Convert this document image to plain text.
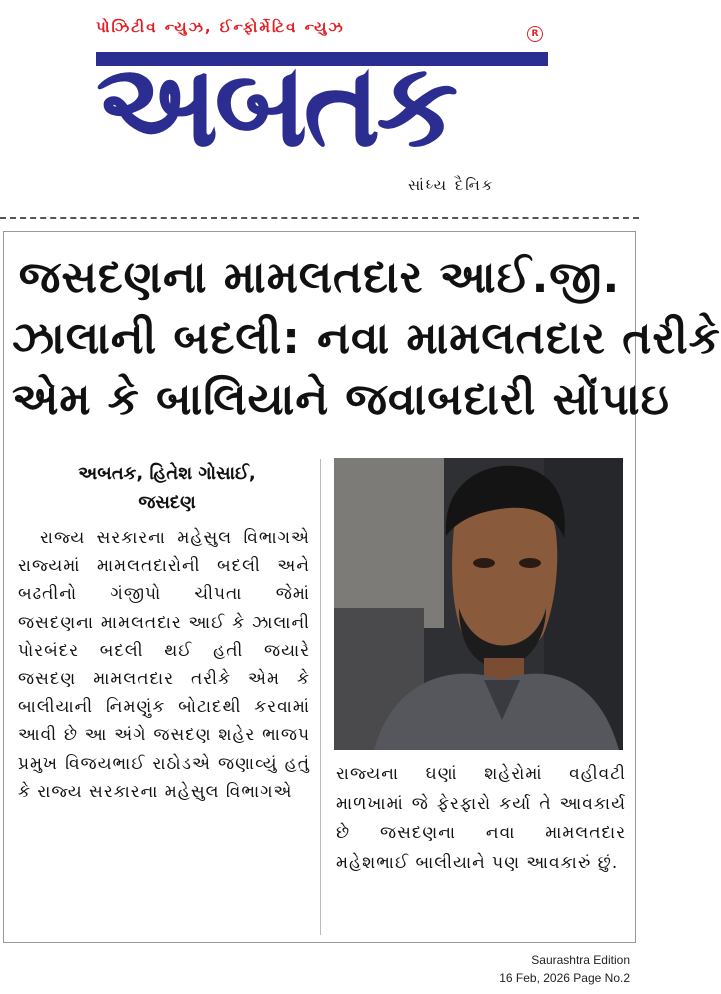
પોઝિટીવ ન્યુઝ, ઈન્ફોર્મેટિવ ન્યુઝ	R
અબતક
સાંધ્ય દૈનિક
જસદણના મામલતદાર આઈ.જી.
ઝાલાની બદલી: નવા મામલતદાર તરીકે
એમ કે બાલિયાને જવાબદારી સોંપાઇ
અબતક, હિતેશ ગોસાઈ,
જસદણ

રાજ્ય સરકારના મહેસુલ વિભાગએ રાજ્યમાં મામલતદારોની બદલી અને બઢતીનો ગંજીપો ચીપતા જેમાં જસદણના મામલતદાર આઈ કે ઝાલાની પોરબંદર બદલી થઈ હતી જયારે જસદણ મામલતદાર તરીકે એમ કે બાલીયાની નિમણુંક બોટાદથી કરવામાં આવી છે આ અંગે જસદણ શહેર ભાજપ પ્રમુખ વિજયભાઈ રાઠોડએ જણાવ્યું હતું કે રાજ્ય સરકારના મહેસુલ વિભાગએ

રાજ્યના ઘણાં શહેરોમાં વહીવટી માળખામાં જે ફેરફારો કર્યા તે આવકાર્ય છે જસદણના નવા મામલતદાર મહેશભાઈ બાલીયાને પણ આવકારું છું.

Saurashtra Edition
16 Feb, 2026 Page No.2
